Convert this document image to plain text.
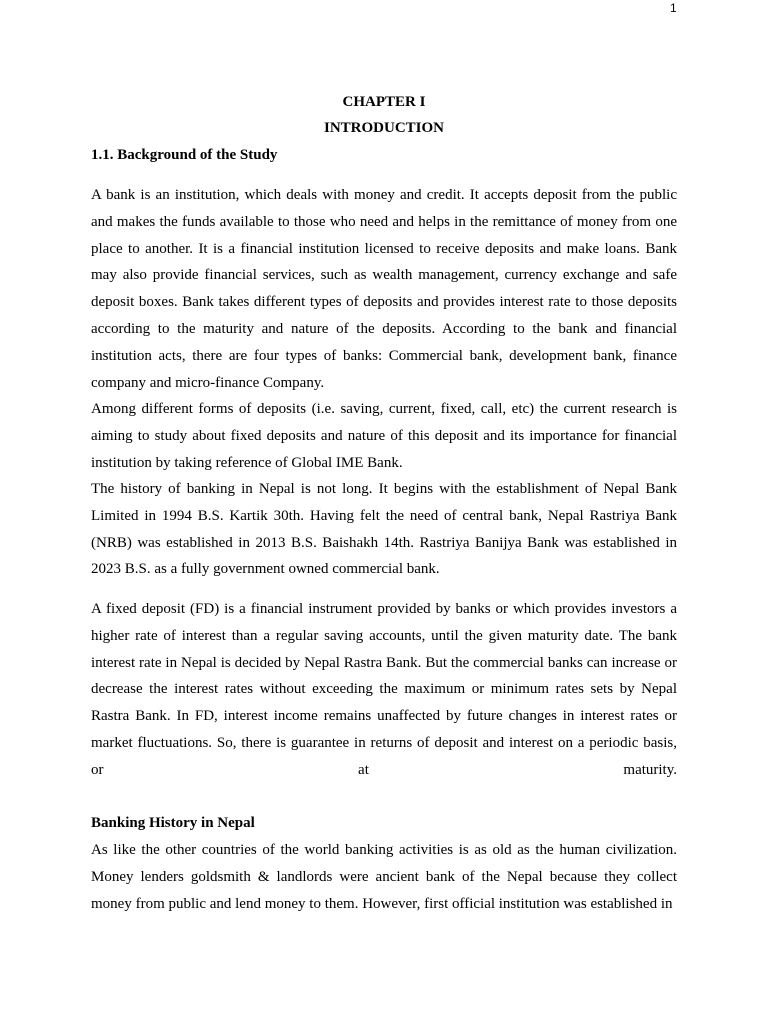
1
CHAPTER I
INTRODUCTION
1.1. Background of the Study

A bank is an institution, which deals with money and credit. It accepts deposit from the public and makes the funds available to those who need and helps in the remittance of money from one place to another. It is a financial institution licensed to receive deposits and make loans. Bank may also provide financial services, such as wealth management, currency exchange and safe deposit boxes. Bank takes different types of deposits and provides interest rate to those deposits according to the maturity and nature of the deposits. According to the bank and financial institution acts, there are four types of banks: Commercial bank, development bank, finance company and micro-finance Company.

Among different forms of deposits (i.e. saving, current, fixed, call, etc) the current research is aiming to study about fixed deposits and nature of this deposit and its importance for financial institution by taking reference of Global IME Bank.

The history of banking in Nepal is not long. It begins with the establishment of Nepal Bank Limited in 1994 B.S. Kartik 30th. Having felt the need of central bank, Nepal Rastriya Bank (NRB) was established in 2013 B.S. Baishakh 14th. Rastriya Banijya Bank was established in 2023 B.S. as a fully government owned commercial bank.

A fixed deposit (FD) is a financial instrument provided by banks or which provides investors a higher rate of interest than a regular saving accounts, until the given maturity date. The bank interest rate in Nepal is decided by Nepal Rastra Bank. But the commercial banks can increase or decrease the interest rates without exceeding the maximum or minimum rates sets by Nepal Rastra Bank. In FD, interest income remains unaffected by future changes in interest rates or market fluctuations. So, there is guarantee in returns of deposit and interest on a periodic basis, or at maturity.

Banking History in Nepal

As like the other countries of the world banking activities is as old as the human civilization. Money lenders goldsmith & landlords were ancient bank of the Nepal because they collect money from public and lend money to them. However, first official institution was established in
